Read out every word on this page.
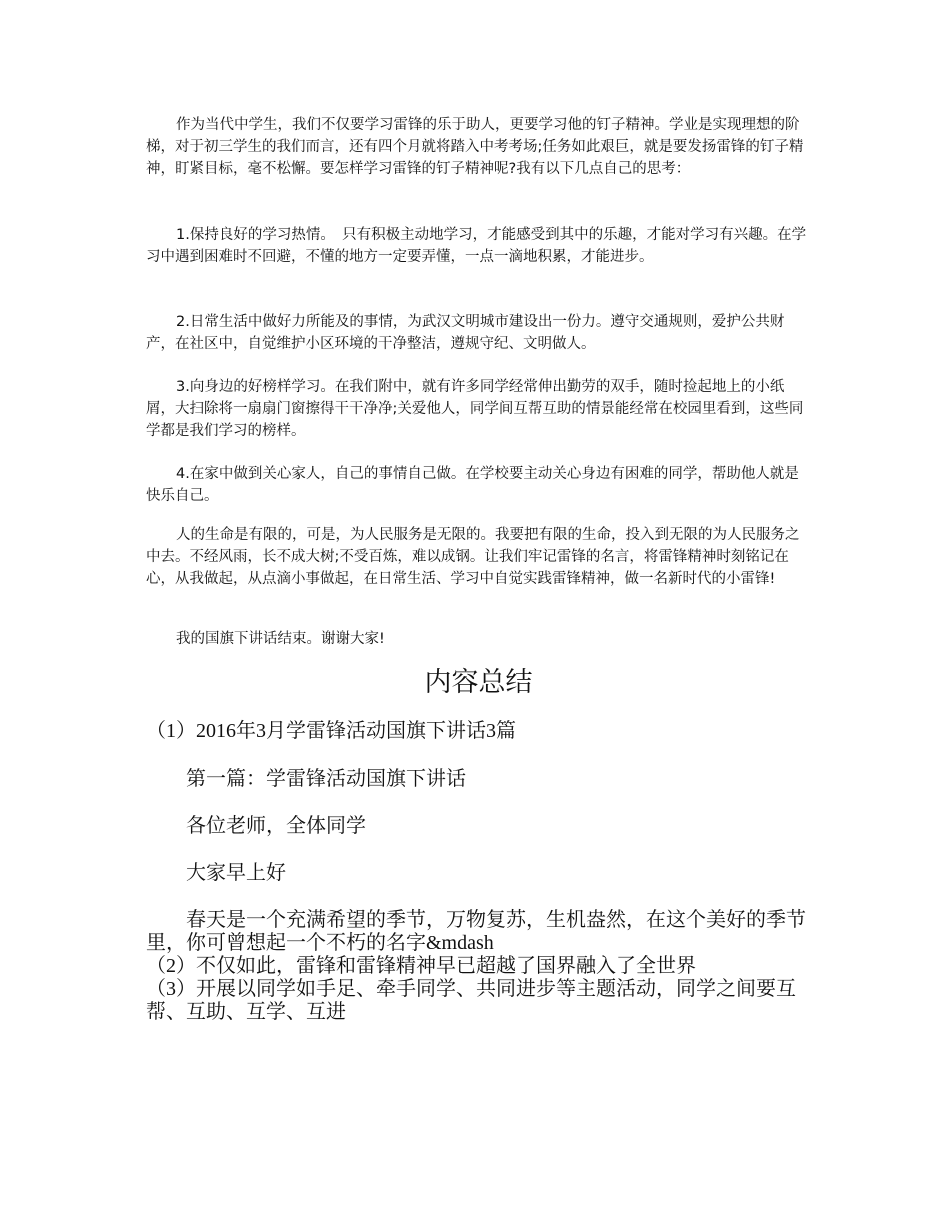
作为当代中学生，我们不仅要学习雷锋的乐于助人，更要学习他的钉子精神。学业是实现理想的阶梯，对于初三学生的我们而言，还有四个月就将踏入中考考场;任务如此艰巨，就是要发扬雷锋的钉子精神，盯紧目标，毫不松懈。要怎样学习雷锋的钉子精神呢?我有以下几点自己的思考：

1.保持良好的学习热情。　只有积极主动地学习，才能感受到其中的乐趣，才能对学习有兴趣。在学习中遇到困难时不回避，不懂的地方一定要弄懂，一点一滴地积累，才能进步。

2.日常生活中做好力所能及的事情，为武汉文明城市建设出一份力。遵守交通规则，爱护公共财产，在社区中，自觉维护小区环境的干净整洁，遵规守纪、文明做人。

3.向身边的好榜样学习。在我们附中，就有许多同学经常伸出勤劳的双手，随时捡起地上的小纸屑，大扫除将一扇扇门窗擦得干干净净;关爱他人，同学间互帮互助的情景能经常在校园里看到，这些同学都是我们学习的榜样。

4.在家中做到关心家人，自己的事情自己做。在学校要主动关心身边有困难的同学，帮助他人就是快乐自己。

人的生命是有限的，可是，为人民服务是无限的。我要把有限的生命，投入到无限的为人民服务之中去。不经风雨，长不成大树;不受百炼，难以成钢。让我们牢记雷锋的名言，将雷锋精神时刻铭记在心，从我做起，从点滴小事做起，在日常生活、学习中自觉实践雷锋精神，做一名新时代的小雷锋!

我的国旗下讲话结束。谢谢大家!

内容总结

（1）2016年3月学雷锋活动国旗下讲话3篇

第一篇：学雷锋活动国旗下讲话

各位老师，全体同学

大家早上好

春天是一个充满希望的季节，万物复苏，生机盎然，在这个美好的季节里，你可曾想起一个不朽的名字&mdash

（2）不仅如此，雷锋和雷锋精神早已超越了国界融入了全世界

（3）开展以同学如手足、牵手同学、共同进步等主题活动，同学之间要互帮、互助、互学、互进
